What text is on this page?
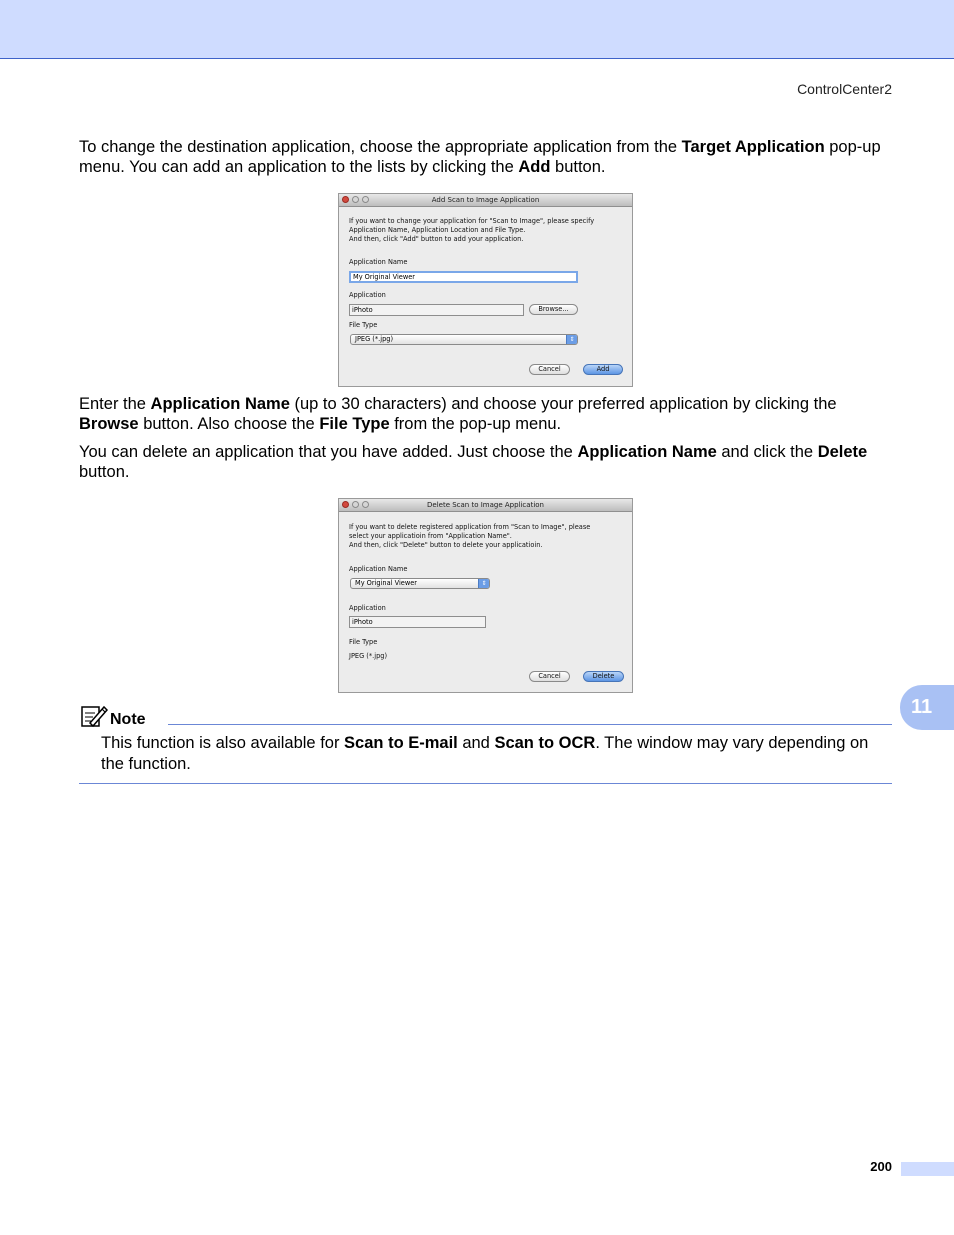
ControlCenter2

To change the destination application, choose the appropriate application from the Target Application pop-up menu. You can add an application to the lists by clicking the Add button.

Add Scan to Image Application
If you want to change your application for "Scan to Image", please specify
Application Name, Application Location and File Type.
And then, click "Add" button to add your application.
Application Name
My Original Viewer
Application
iPhoto	Browse...
File Type
JPEG (*.jpg)	⇕
Cancel	Add

Enter the Application Name (up to 30 characters) and choose your preferred application by clicking the Browse button. Also choose the File Type from the pop-up menu.

You can delete an application that you have added. Just choose the Application Name and click the Delete button.

Delete Scan to Image Application
If you want to delete registered application from "Scan to Image", please
select your applicatioin from "Application Name".
And then, click "Delete" button to delete your applicatioin.
Application Name
My Original Viewer	⇕
Application
iPhoto
File Type
JPEG (*.jpg)
Cancel	Delete
Note

This function is also available for Scan to E-mail and Scan to OCR. The window may vary depending on the function.

11
200
